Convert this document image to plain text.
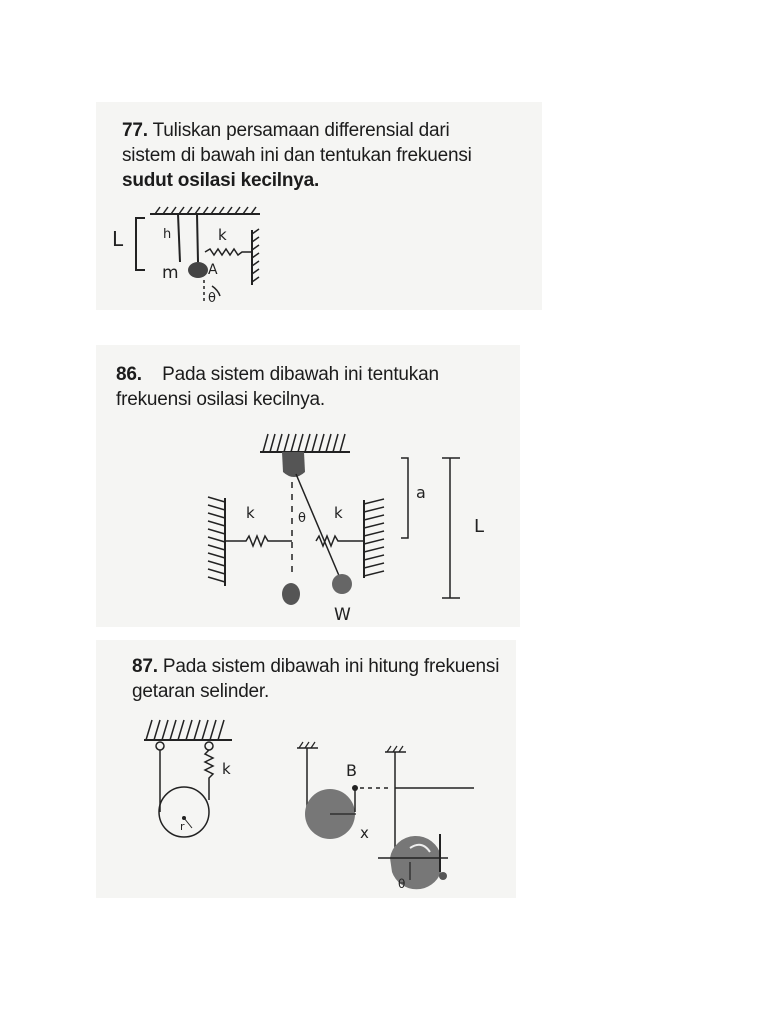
77. Tuliskan persamaan differensial dari
sistem di bawah ini dan tentukan frekuensi
sudut osilasi kecilnya.
L	h	k
m A
θ
86. Pada sistem dibawah ini tentukan
frekuensi osilasi kecilnya.
k	k
θ
a
L
W
87. Pada sistem dibawah ini hitung frekuensi
getaran selinder.
k
r
B
x
θ
